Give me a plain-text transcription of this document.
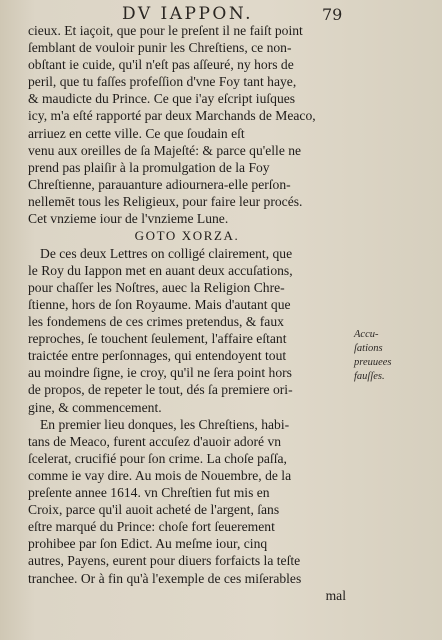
DV IAPPON.	79
cieux. Et iaçoit, que pour le preſent il ne faiſt point
ſemblant de vouloir punir les Chreſtiens, ce non-
obſtant ie cuide, qu'il n'eſt pas aſſeuré, ny hors de
peril, que tu faſſes profeſſion d'vne Foy tant haye,
& maudicte du Prince. Ce que i'ay eſcript iuſques
icy, m'a eſté rapporté par deux Marchands de Meaco,
arriuez en cette ville. Ce que ſoudain eſt
venu aux oreilles de ſa Majeſté: & parce qu'elle ne
prend pas plaiſir à la promulgation de la Foy
Chreſtienne, parauanture adiournera-elle perſon-
nellemēt tous les Religieux, pour faire leur procés.
Cet vnzieme iour de l'vnzieme Lune.
GOTO XORZA.
De ces deux Lettres on colligé clairement, que
le Roy du Iappon met en auant deux accuſations,
pour chaſſer les Noſtres, auec la Religion Chre-
ſtienne, hors de ſon Royaume. Mais d'autant que
les fondemens de ces crimes pretendus, & faux
reproches, ſe touchent ſeulement, l'affaire eſtant
traictée entre perſonnages, qui entendoyent tout
au moindre ſigne, ie croy, qu'il ne ſera point hors
de propos, de repeter le tout, dés ſa premiere ori-
gine, & commencement.
En premier lieu donques, les Chreſtiens, habi-
tans de Meaco, furent accuſez d'auoir adoré vn
ſcelerat, crucifié pour ſon crime. La choſe paſſa,
comme ie vay dire. Au mois de Nouembre, de la
preſente annee 1614. vn Chreſtien fut mis en
Croix, parce qu'il auoit acheté de l'argent, ſans
eſtre marqué du Prince: choſe fort ſeuerement
prohibee par ſon Edict. Au meſme iour, cinq
autres, Payens, eurent pour diuers forfaicts la teſte
tranchee. Or à fin qu'à l'exemple de ces miſerables
mal
Accu-
ſations
preuuees
fauſſes.
